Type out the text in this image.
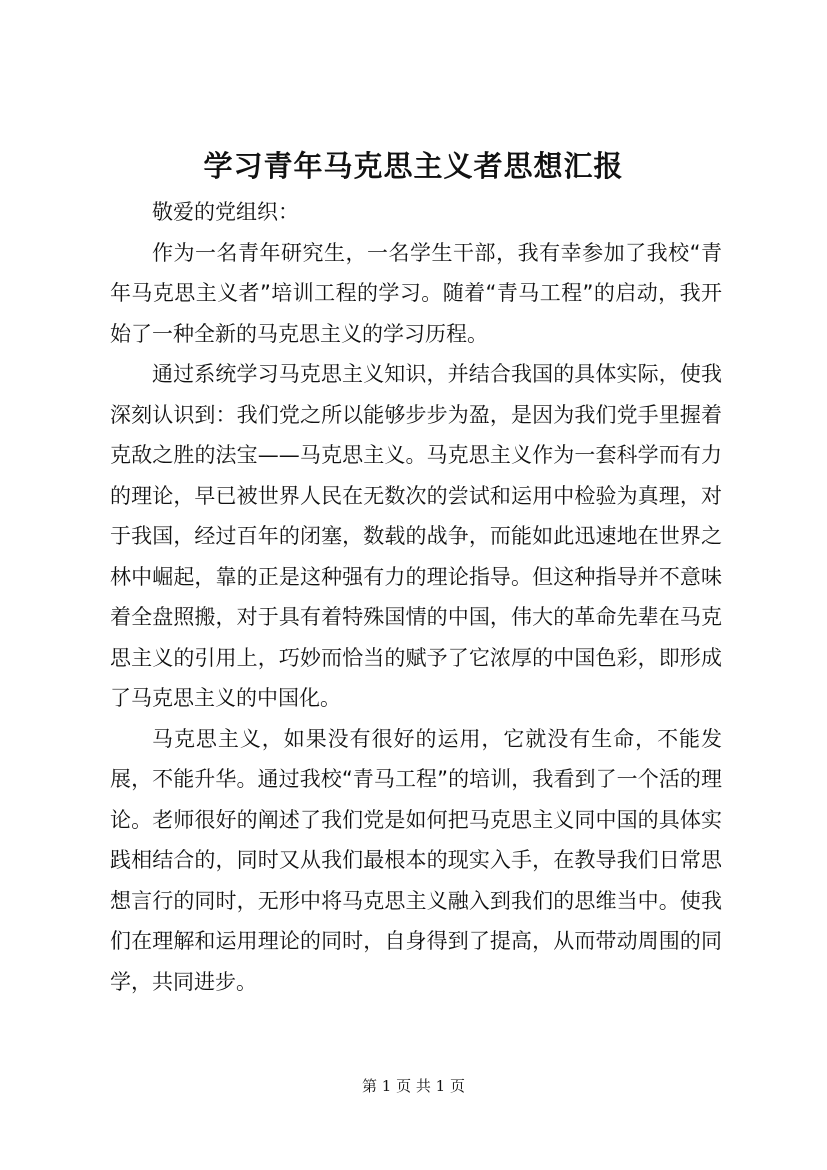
学习青年马克思主义者思想汇报

敬爱的党组织：

作为一名青年研究生，一名学生干部，我有幸参加了我校“青年马克思主义者”培训工程的学习。随着“青马工程”的启动，我开始了一种全新的马克思主义的学习历程。

通过系统学习马克思主义知识，并结合我国的具体实际，使我深刻认识到：我们党之所以能够步步为盈，是因为我们党手里握着克敌之胜的法宝——马克思主义。马克思主义作为一套科学而有力的理论，早已被世界人民在无数次的尝试和运用中检验为真理，对于我国，经过百年的闭塞，数载的战争，而能如此迅速地在世界之林中崛起，靠的正是这种强有力的理论指导。但这种指导并不意味着全盘照搬，对于具有着特殊国情的中国，伟大的革命先辈在马克思主义的引用上，巧妙而恰当的赋予了它浓厚的中国色彩，即形成了马克思主义的中国化。

马克思主义，如果没有很好的运用，它就没有生命，不能发展，不能升华。通过我校“青马工程”的培训，我看到了一个活的理论。老师很好的阐述了我们党是如何把马克思主义同中国的具体实践相结合的，同时又从我们最根本的现实入手，在教导我们日常思想言行的同时，无形中将马克思主义融入到我们的思维当中。使我们在理解和运用理论的同时，自身得到了提高，从而带动周围的同学，共同进步。

第 1 页 共 1 页
